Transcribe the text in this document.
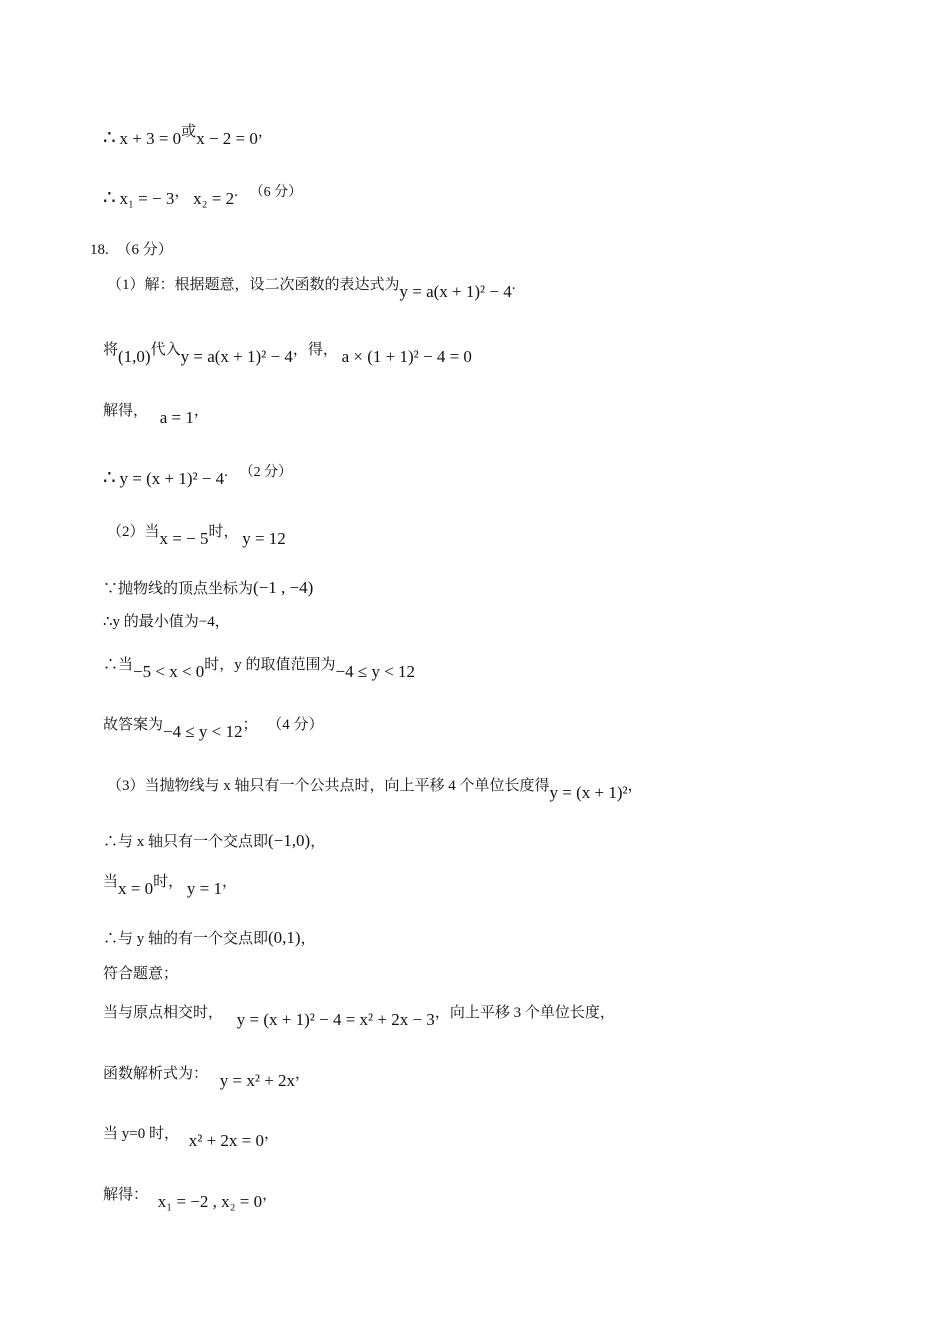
∴ x + 3 = 0或x − 2 = 0，
∴ x₁ = − 3， x₂ = 2. （6 分）
18. （6 分）
（1）解：根据题意，设二次函数的表达式为y = a(x + 1)² − 4.
将(1,0)代入y = a(x + 1)² − 4，得， a × (1 + 1)² − 4 = 0
解得， a = 1，
∴ y = (x + 1)² − 4. （2 分）
（2）当x = − 5时， y = 12
∵抛物线的顶点坐标为(−1 , −4)
∴y 的最小值为−4，
∴当−5 < x < 0时，y 的取值范围为−4 ≤ y < 12
故答案为−4 ≤ y < 12； （4 分）
（3）当抛物线与 x 轴只有一个公共点时，向上平移 4 个单位长度得y = (x + 1)²，
∴与 x 轴只有一个交点即(−1,0)，
当x = 0时， y = 1，
∴与 y 轴的有一个交点即(0,1)，
符合题意；
当与原点相交时， y = (x + 1)² − 4 = x² + 2x − 3，向上平移 3 个单位长度，
函数解析式为： y = x² + 2x，
当 y=0 时， x² + 2x = 0，
解得： x₁ = −2 , x₂ = 0，
